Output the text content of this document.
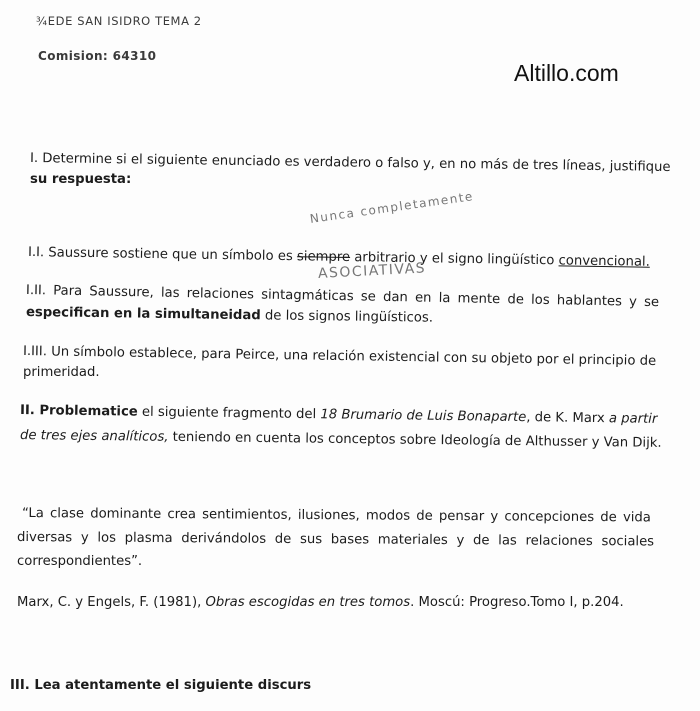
¾EDE SAN ISIDRO TEMA 2
Comision: 64310
Altillo.com
I. Determine si el siguiente enunciado es verdadero o falso y, en no más de tres líneas, justifique
su respuesta:
Nunca completamente
I.I. Saussure sostiene que un símbolo es siempre arbitrario y el signo lingüístico convencional.
ASOCIATIVAS
I.II. Para Saussure, las relaciones sintagmáticas se dan en la mente de los hablantes y se
especifican en la simultaneidad de los signos lingüísticos.
I.III. Un símbolo establece, para Peirce, una relación existencial con su objeto por el principio de
primeridad.
II. Problematice el siguiente fragmento del 18 Brumario de Luis Bonaparte, de K. Marx a partir
de tres ejes analíticos, teniendo en cuenta los conceptos sobre Ideología de Althusser y Van Dijk.
“La clase dominante crea sentimientos, ilusiones, modos de pensar y concepciones de vida
diversas y los plasma derivándolos de sus bases materiales y de las relaciones sociales
correspondientes”.
Marx, C. y Engels, F. (1981), Obras escogidas en tres tomos. Moscú: Progreso.Tomo I, p.204.
III. Lea atentamente el siguiente discurs
